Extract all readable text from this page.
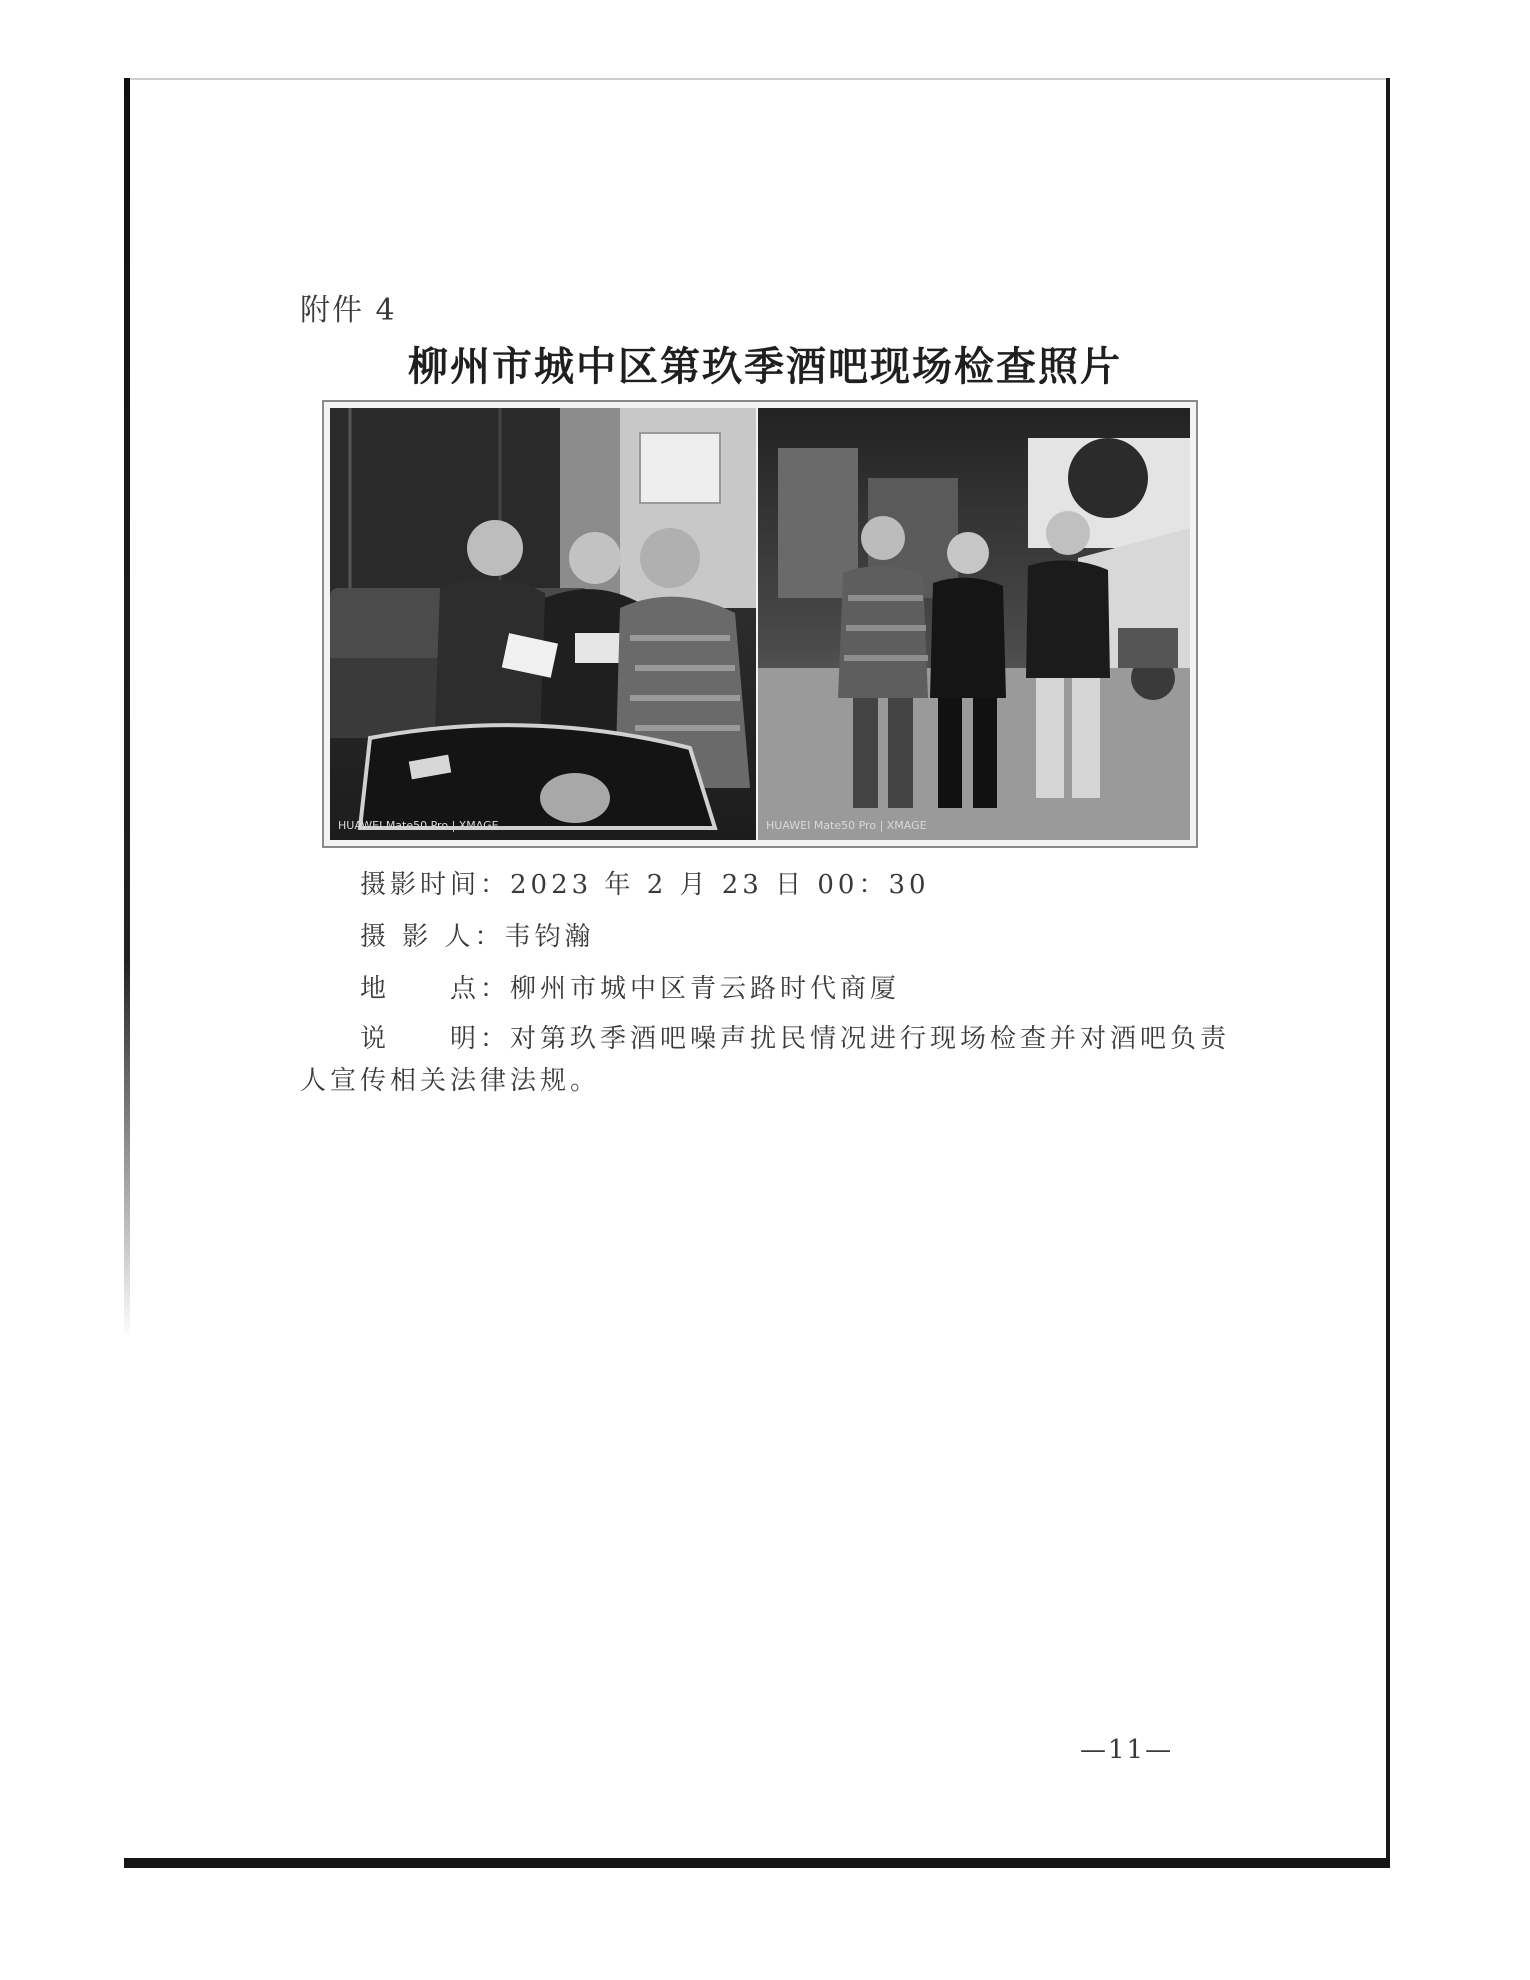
附件 4
柳州市城中区第玖季酒吧现场检查照片
HUAWEI Mate50 Pro | XMAGE	HUAWEI Mate50 Pro | XMAGE
摄影时间：2023 年 2 月 23 日 00：30
摄 影 人：韦钧瀚
地　　点：柳州市城中区青云路时代商厦
说　　明：对第玖季酒吧噪声扰民情况进行现场检查并对酒吧负责人宣传相关法律法规。
—11—
